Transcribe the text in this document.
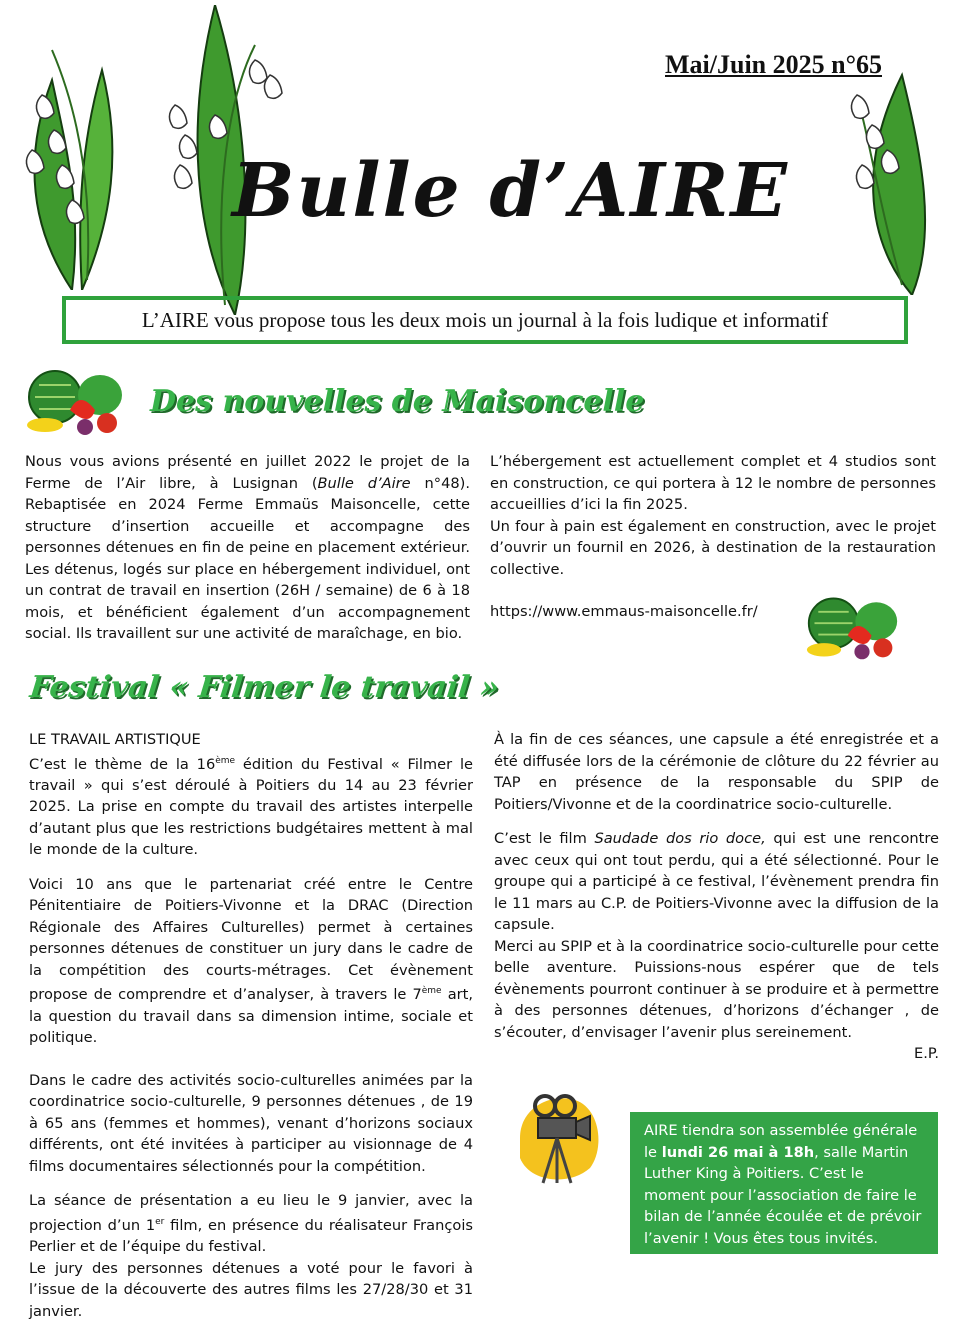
Mai/Juin 2025 n°65
Bulle d’AIRE
L’AIRE vous propose tous les deux mois un journal à la fois ludique et informatif
Des nouvelles de Maisoncelle

Nous vous avions présenté en juillet 2022 le projet de la Ferme de l’Air libre, à Lusignan (Bulle d’Aire n°48). Rebaptisée en 2024 Ferme Emmaüs Maisoncelle, cette structure d’insertion accueille et accompagne des personnes détenues en fin de peine en placement extérieur. Les détenus, logés sur place en hébergement individuel, ont un contrat de travail en insertion (26H / semaine) de 6 à 18 mois, et bénéficient également d’un accompagnement social. Ils travaillent sur une activité de maraîchage, en bio.

L’hébergement est actuellement complet et 4 studios sont en construction, ce qui portera à 12 le nombre de personnes accueillies d’ici la fin 2025.

Un four à pain est également en construction, avec le projet d’ouvrir un fournil en 2026, à destination de la restauration collective.

https://www.emmaus-maisoncelle.fr/

Festival « Filmer le travail »

LE TRAVAIL ARTISTIQUE

C’est le thème de la 16ème édition du Festival « Filmer le travail » qui s’est déroulé à Poitiers du 14 au 23 février 2025. La prise en compte du travail des artistes interpelle d’autant plus que les restrictions budgétaires mettent à mal le monde de la culture.

Voici 10 ans que le partenariat créé entre le Centre Pénitentiaire de Poitiers-Vivonne et la DRAC (Direction Régionale des Affaires Culturelles) permet à certaines personnes détenues de constituer un jury dans le cadre de la compétition des courts-métrages. Cet évènement propose de comprendre et d’analyser, à travers le 7ème art, la question du travail dans sa dimension intime, sociale et politique.

Dans le cadre des activités socio-culturelles animées par la coordinatrice socio-culturelle, 9 personnes détenues , de 19 à 65 ans (femmes et hommes), venant d’horizons sociaux différents, ont été invitées à participer au visionnage de 4 films documentaires sélectionnés pour la compétition.

La séance de présentation a eu lieu le 9 janvier, avec la projection d’un 1er film, en présence du réalisateur François Perlier et de l’équipe du festival.

Le jury des personnes détenues a voté pour le favori à l’issue de la découverte des autres films les 27/28/30 et 31 janvier.

À la fin de ces séances, une capsule a été enregistrée et a été diffusée lors de la cérémonie de clôture du 22 février au TAP en présence de la responsable du SPIP de Poitiers/Vivonne et de la coordinatrice socio-culturelle.

C’est le film Saudade dos rio doce, qui est une rencontre avec ceux qui ont tout perdu, qui a été sélectionné. Pour le groupe qui a participé à ce festival, l’évènement prendra fin le 11 mars au C.P. de Poitiers-Vivonne avec la diffusion de la capsule.

Merci au SPIP et à la coordinatrice socio-culturelle pour cette belle aventure. Puissions-nous espérer que de tels évènements pourront continuer à se produire et à permettre à des personnes détenues, d’horizons d’échanger , de s’écouter, d’envisager l’avenir plus sereinement.

E.P.

AIRE tiendra son assemblée générale le lundi 26 mai à 18h, salle Martin Luther King à Poitiers. C’est le moment pour l’association de faire le bilan de l’année écoulée et de prévoir l’avenir ! Vous êtes tous invités.
